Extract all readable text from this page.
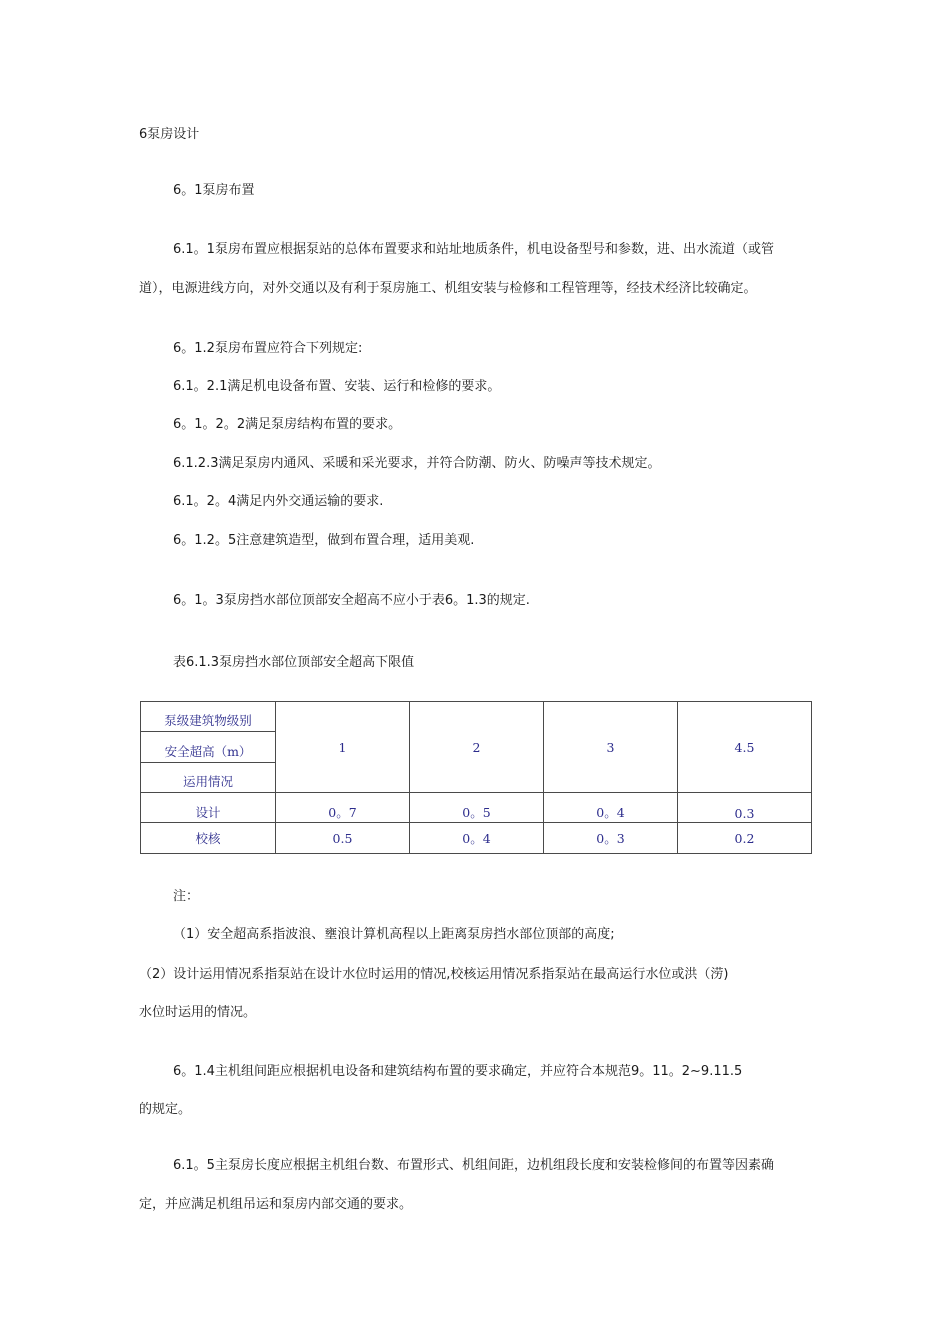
6泵房设计

6。1泵房布置

6.1。1泵房布置应根据泵站的总体布置要求和站址地质条件，机电设备型号和参数，进、出水流道（或管

道），电源进线方向，对外交通以及有利于泵房施工、机组安装与检修和工程管理等，经技术经济比较确定。

6。1.2泵房布置应符合下列规定:

6.1。2.1满足机电设备布置、安装、运行和检修的要求。

6。1。2。2满足泵房结构布置的要求。

6.1.2.3满足泵房内通风、采暖和采光要求，并符合防潮、防火、防噪声等技术规定。

6.1。2。4满足内外交通运输的要求.

6。1.2。5注意建筑造型，做到布置合理，适用美观.

6。1。3泵房挡水部位顶部安全超高不应小于表6。1.3的规定.

表6.1.3泵房挡水部位顶部安全超高下限值

泵级建筑物级别
安全超高（m）
运用情况	1	2	3	4.5
设计	0。7	0。5	0。4	0.3
校核	0.5	0。4	0。3	0.2

注：

（1）安全超高系指波浪、壅浪计算机高程以上距离泵房挡水部位顶部的高度;

（2）设计运用情况系指泵站在设计水位时运用的情况,校核运用情况系指泵站在最高运行水位或洪（涝)

水位时运用的情况。

6。1.4主机组间距应根据机电设备和建筑结构布置的要求确定，并应符合本规范9。11。2~9.11.5

的规定。

6.1。5主泵房长度应根据主机组台数、布置形式、机组间距，边机组段长度和安装检修间的布置等因素确

定，并应满足机组吊运和泵房内部交通的要求。
